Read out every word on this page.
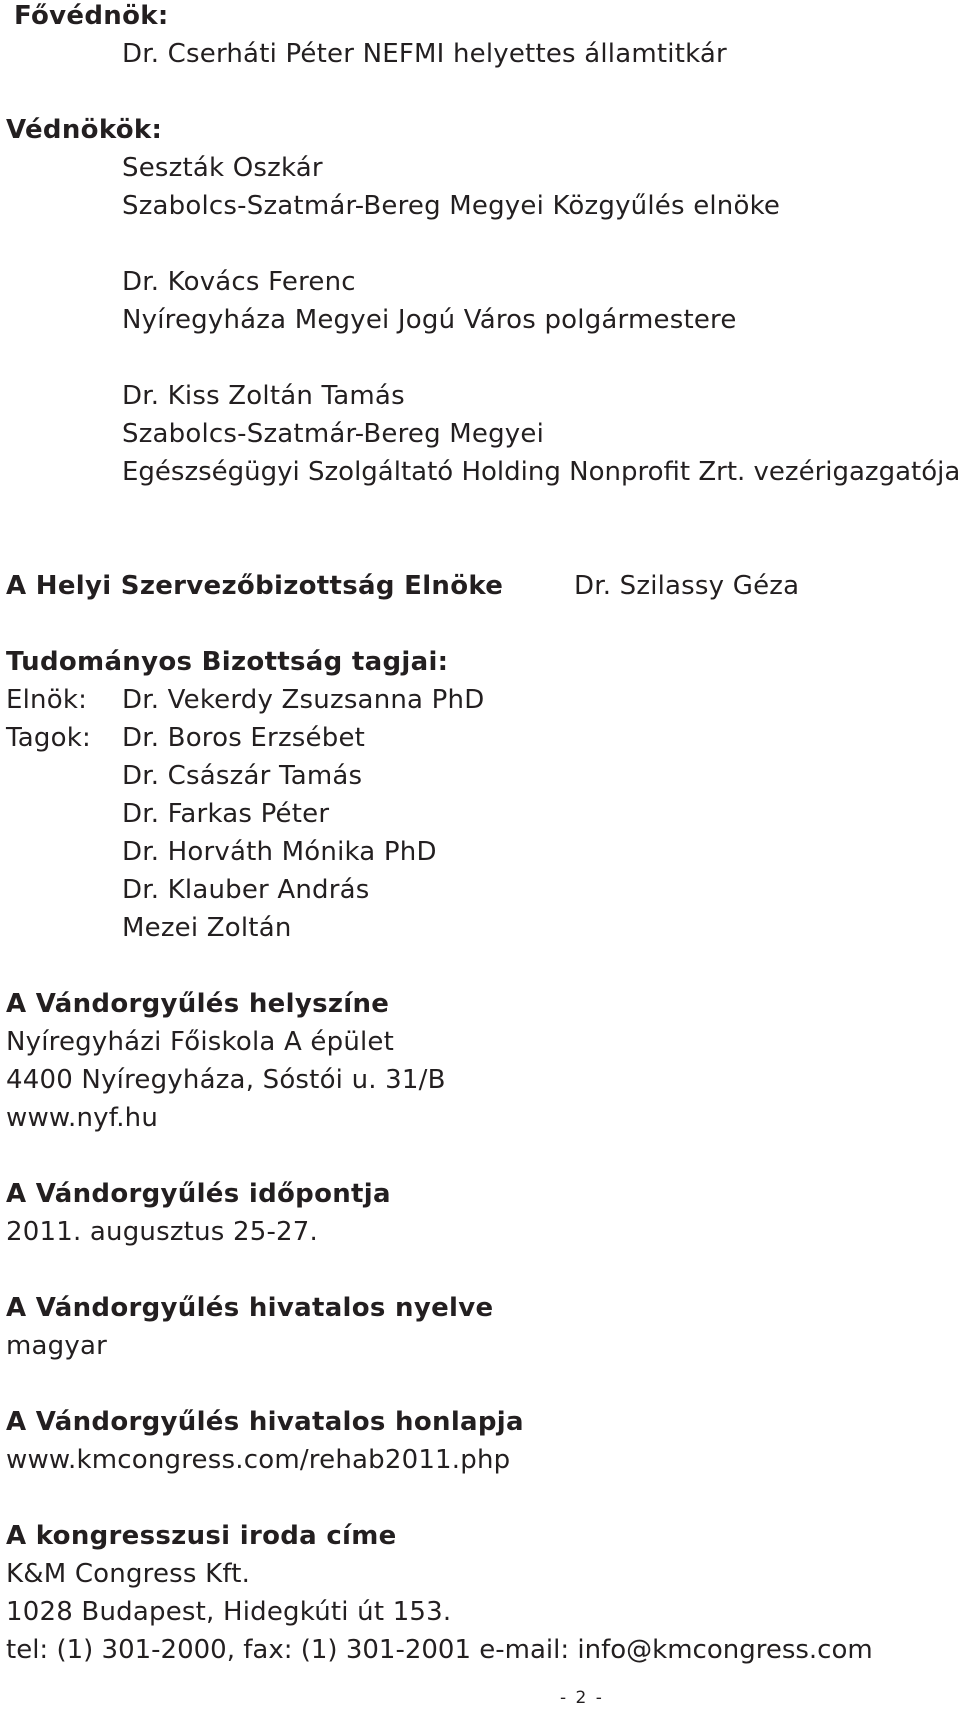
Fővédnök:
Dr. Cserháti Péter NEFMI helyettes államtitkár
Védnökök:
Seszták Oszkár
Szabolcs-Szatmár-Bereg Megyei Közgyűlés elnöke
Dr. Kovács Ferenc
Nyíregyháza Megyei Jogú Város polgármestere
Dr. Kiss Zoltán Tamás
Szabolcs-Szatmár-Bereg Megyei
Egészségügyi Szolgáltató Holding Nonprofit Zrt. vezérigazgatója
A Helyi Szervezőbizottság Elnöke	Dr. Szilassy Géza
Tudományos Bizottság tagjai:
Elnök: Dr. Vekerdy Zsuzsanna PhD
Tagok: Dr. Boros Erzsébet
Dr. Császár Tamás
Dr. Farkas Péter
Dr. Horváth Mónika PhD
Dr. Klauber András
Mezei Zoltán
A Vándorgyűlés helyszíne
Nyíregyházi Főiskola A épület
4400 Nyíregyháza, Sóstói u. 31/B
www.nyf.hu
A Vándorgyűlés időpontja
2011. augusztus 25-27.
A Vándorgyűlés hivatalos nyelve
magyar
A Vándorgyűlés hivatalos honlapja
www.kmcongress.com/rehab2011.php
A kongresszusi iroda címe
K&M Congress Kft.
1028 Budapest, Hidegkúti út 153.
tel: (1) 301-2000, fax: (1) 301-2001 e-mail: info@kmcongress.com
- 2 -
